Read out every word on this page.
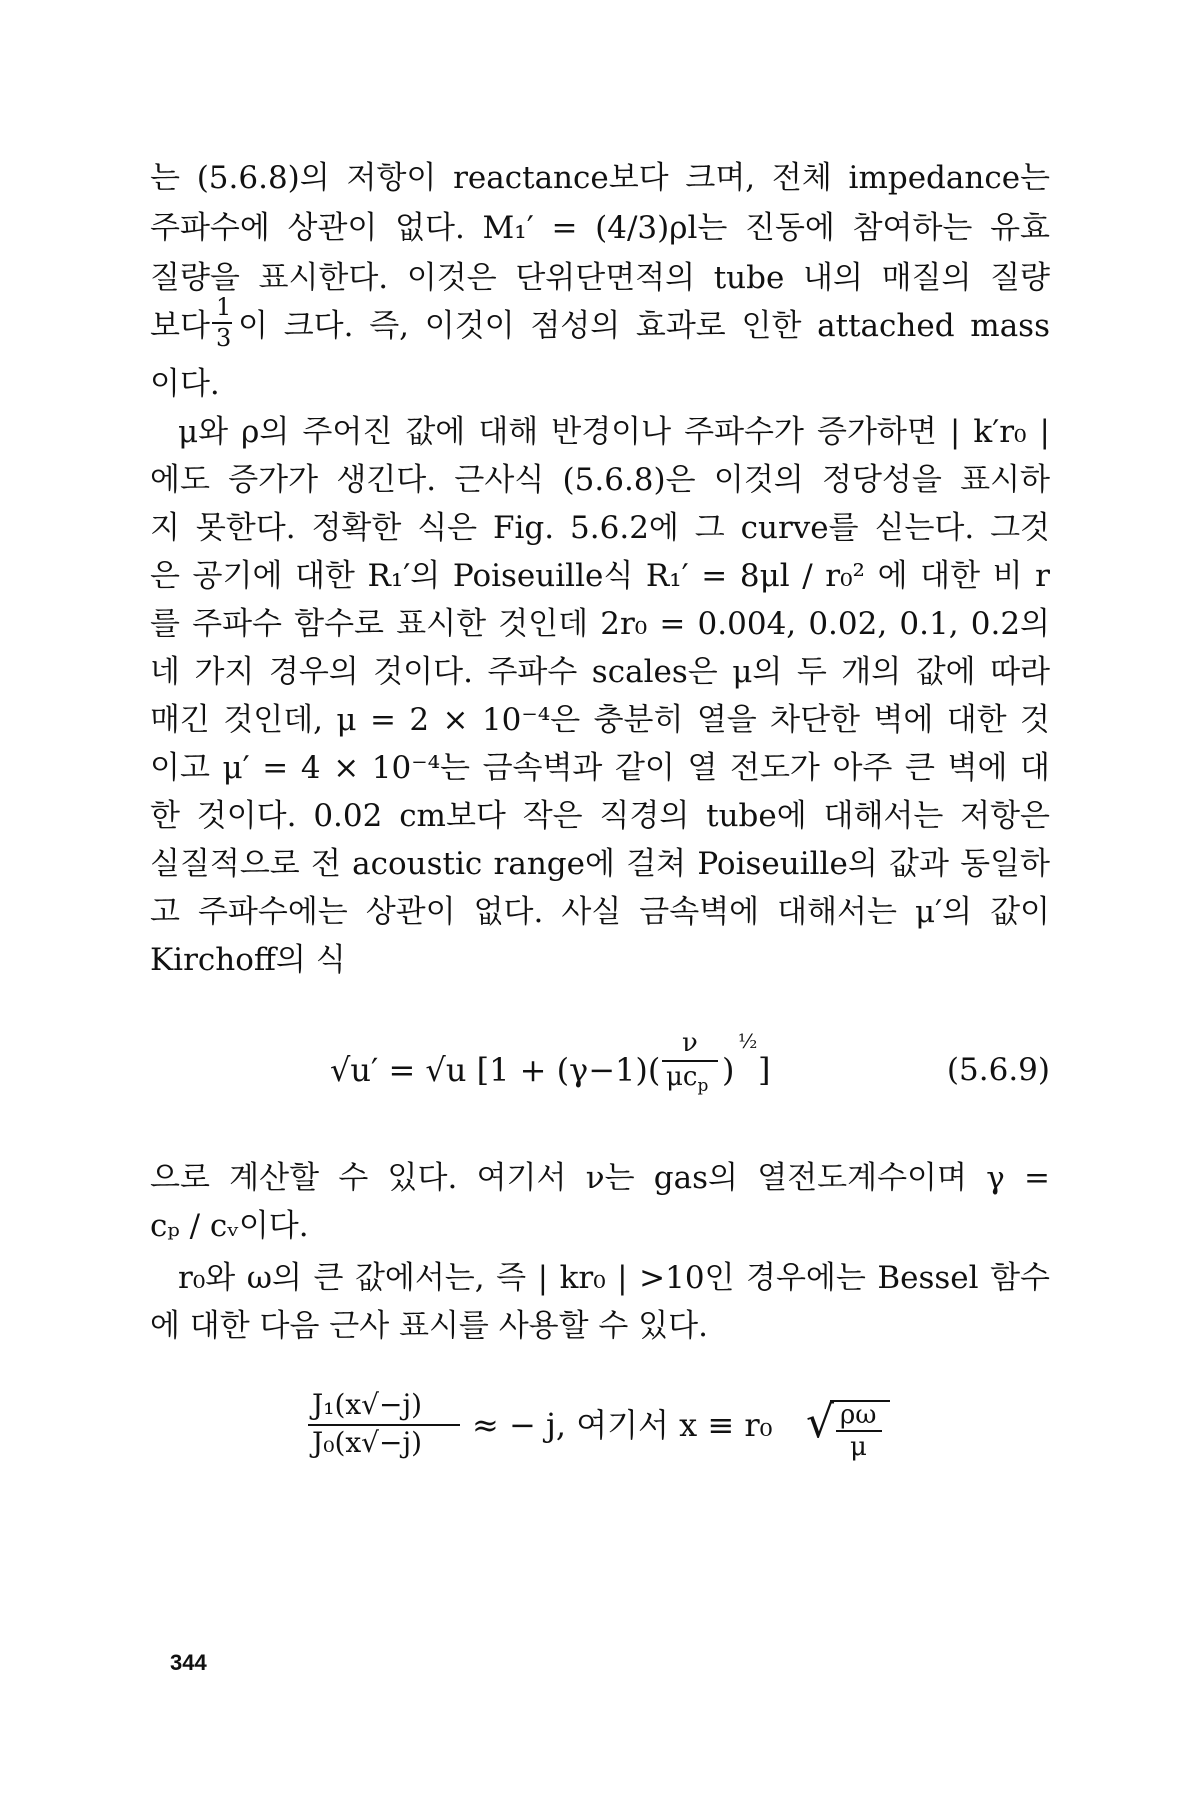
는 (5.6.8)의 저항이 reactance보다 크며, 전체 impedance는
주파수에 상관이 없다. M₁′ = (4/3)ρl는 진동에 참여하는 유효
질량을 표시한다. 이것은 단위단면적의 tube 내의 매질의 질량
보다
1
3 이 크다. 즉, 이것이 점성의 효과로 인한 attached mass
이다.
μ와 ρ의 주어진 값에 대해 반경이나 주파수가 증가하면 | k′r₀ |
에도 증가가 생긴다. 근사식 (5.6.8)은 이것의 정당성을 표시하
지 못한다. 정확한 식은 Fig. 5.6.2에 그 curve를 싣는다. 그것
은 공기에 대한 R₁′의 Poiseuille식 R₁′ = 8μl / r₀² 에 대한 비 r
를 주파수 함수로 표시한 것인데 2r₀ = 0.004, 0.02, 0.1, 0.2의
네 가지 경우의 것이다. 주파수 scales은 μ의 두 개의 값에 따라
매긴 것인데, μ = 2 × 10⁻⁴은 충분히 열을 차단한 벽에 대한 것
이고 μ′ = 4 × 10⁻⁴는 금속벽과 같이 열 전도가 아주 큰 벽에 대
한 것이다. 0.02 cm보다 작은 직경의 tube에 대해서는 저항은
실질적으로 전 acoustic range에 걸쳐 Poiseuille의 값과 동일하
고 주파수에는 상관이 없다. 사실 금속벽에 대해서는 μ′의 값이
Kirchoff의 식
√u′ = √u [1 + (γ−1)(
ν
$\mu c_p$ )
½
]	(5.6.9)
으로 계산할 수 있다. 여기서 ν는 gas의 열전도계수이며 γ =
cₚ / cᵥ이다.
r₀와 ω의 큰 값에서는, 즉 | kr₀ | >10인 경우에는 Bessel 함수
에 대한 다음 근사 표시를 사용할 수 있다.
J₁(x√−j)
J₀(x√−j) ≈ − j, 여기서 x ≡ r₀ √ ρω
μ
344
